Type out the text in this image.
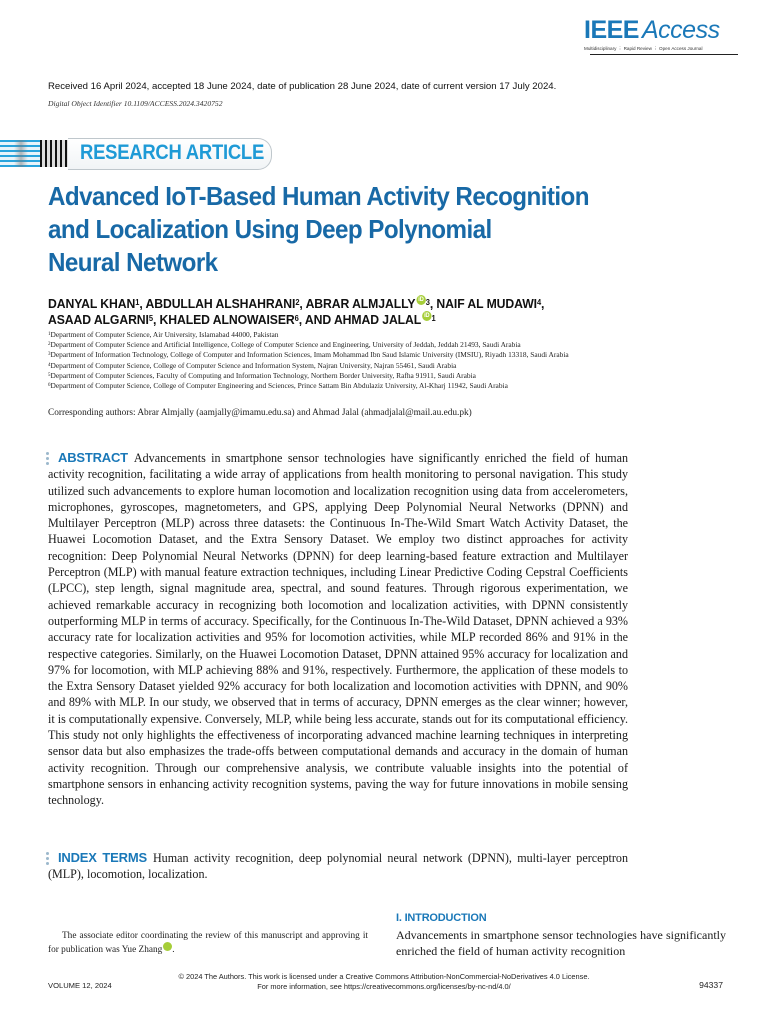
IEEE Access
Multidisciplinary ⋮ Rapid Review ⋮ Open Access Journal
Received 16 April 2024, accepted 18 June 2024, date of publication 28 June 2024, date of current version 17 July 2024.
Digital Object Identifier 10.1109/ACCESS.2024.3420752
RESEARCH ARTICLE
Advanced IoT-Based Human Activity Recognition
and Localization Using Deep Polynomial
Neural Network
DANYAL KHAN$^1$, ABDULLAH ALSHAHRANI$^2$, ABRAR ALMJALLY iD $^3$, NAIF AL MUDAWI$^4$,
ASAAD ALGARNI$^5$, KHALED ALNOWAISER$^6$, AND AHMAD JALAL iD $^1$
$^1$Department of Computer Science, Air University, Islamabad 44000, Pakistan
$^2$Department of Computer Science and Artificial Intelligence, College of Computer Science and Engineering, University of Jeddah, Jeddah 21493, Saudi Arabia
$^3$Department of Information Technology, College of Computer and Information Sciences, Imam Mohammad Ibn Saud Islamic University (IMSIU), Riyadh 13318, Saudi Arabia
$^4$Department of Computer Science, College of Computer Science and Information System, Najran University, Najran 55461, Saudi Arabia
$^5$Department of Computer Sciences, Faculty of Computing and Information Technology, Northern Border University, Rafha 91911, Saudi Arabia
$^6$Department of Computer Science, College of Computer Engineering and Sciences, Prince Sattam Bin Abdulaziz University, Al-Kharj 11942, Saudi Arabia
Corresponding authors: Abrar Almjally (aamjally@imamu.edu.sa) and Ahmad Jalal (ahmadjalal@mail.au.edu.pk)
ABSTRACT Advancements in smartphone sensor technologies have significantly enriched the field of human activity recognition, facilitating a wide array of applications from health monitoring to personal navigation. This study utilized such advancements to explore human locomotion and localization recognition using data from accelerometers, microphones, gyroscopes, magnetometers, and GPS, applying Deep Polynomial Neural Networks (DPNN) and Multilayer Perceptron (MLP) across three datasets: the Continuous In-The-Wild Smart Watch Activity Dataset, the Huawei Locomotion Dataset, and the Extra Sensory Dataset. We employ two distinct approaches for activity recognition: Deep Polynomial Neural Networks (DPNN) for deep learning-based feature extraction and Multilayer Perceptron (MLP) with manual feature extraction techniques, including Linear Predictive Coding Cepstral Coefficients (LPCC), step length, signal magnitude area, spectral, and sound features. Through rigorous experimentation, we achieved remarkable accuracy in recognizing both locomotion and localization activities, with DPNN consistently outperforming MLP in terms of accuracy. Specifically, for the Continuous In-The-Wild Dataset, DPNN achieved a 93% accuracy rate for localization activities and 95% for locomotion activities, while MLP recorded 86% and 91% in the respective categories. Similarly, on the Huawei Locomotion Dataset, DPNN attained 95% accuracy for localization and 97% for locomotion, with MLP achieving 88% and 91%, respectively. Furthermore, the application of these models to the Extra Sensory Dataset yielded 92% accuracy for both localization and locomotion activities with DPNN, and 90% and 89% with MLP. In our study, we observed that in terms of accuracy, DPNN emerges as the clear winner; however, it is computationally expensive. Conversely, MLP, while being less accurate, stands out for its computational efficiency. This study not only highlights the effectiveness of incorporating advanced machine learning techniques in interpreting sensor data but also emphasizes the trade-offs between computational demands and accuracy in the domain of human activity recognition. Through our comprehensive analysis, we contribute valuable insights into the potential of smartphone sensors in enhancing activity recognition systems, paving the way for future innovations in mobile sensing technology.
INDEX TERMS Human activity recognition, deep polynomial neural network (DPNN), multi-layer perceptron (MLP), locomotion, localization.
The associate editor coordinating the review of this manuscript and approving it for publication was Yue Zhang	iD.
I. INTRODUCTION

Advancements in smartphone sensor technologies have significantly enriched the field of human activity recognition

VOLUME 12, 2024
© 2024 The Authors. This work is licensed under a Creative Commons Attribution-NonCommercial-NoDerivatives 4.0 License.
For more information, see https://creativecommons.org/licenses/by-nc-nd/4.0/	94337
